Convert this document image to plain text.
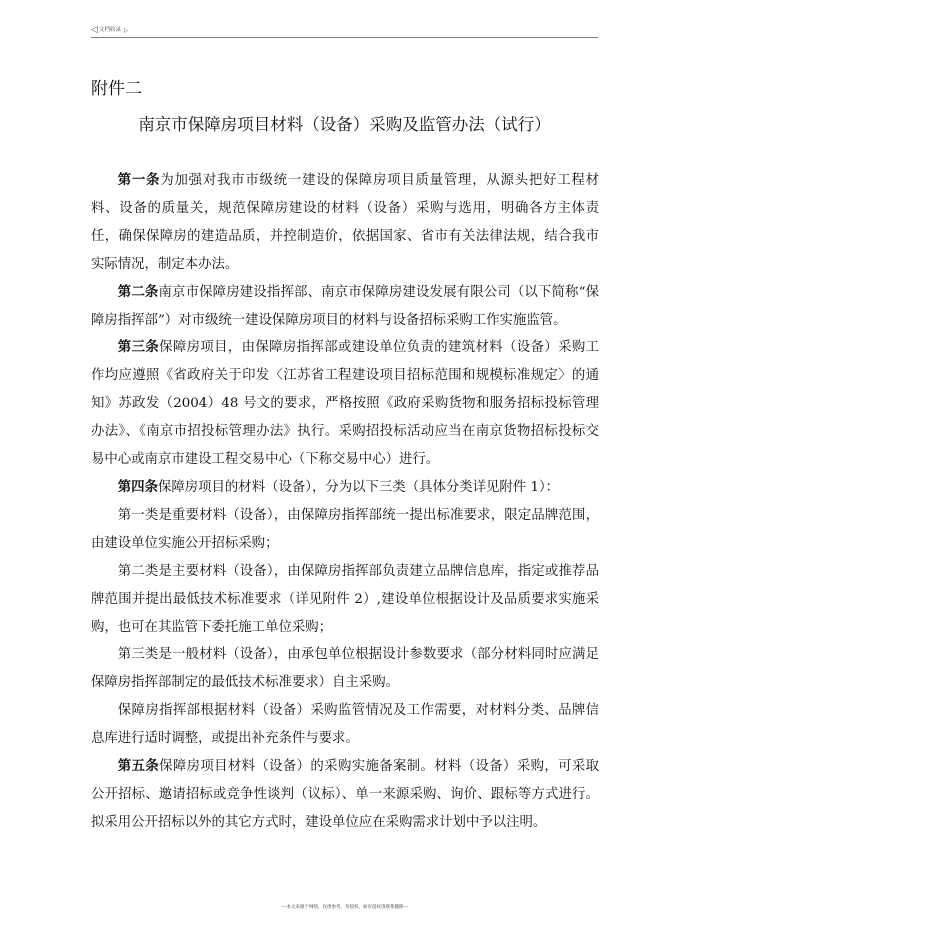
◁ 文档收录 ▷
附件二
南京市保障房项目材料（设备）采购及监管办法（试行）

第一条为加强对我市市级统一建设的保障房项目质量管理，从源头把好工程材料、设备的质量关，规范保障房建设的材料（设备）采购与选用，明确各方主体责任，确保保障房的建造品质，并控制造价，依据国家、省市有关法律法规，结合我市实际情况，制定本办法。

第二条南京市保障房建设指挥部、南京市保障房建设发展有限公司（以下简称“保障房指挥部”）对市级统一建设保障房项目的材料与设备招标采购工作实施监管。

第三条保障房项目，由保障房指挥部或建设单位负责的建筑材料（设备）采购工作均应遵照《省政府关于印发〈江苏省工程建设项目招标范围和规模标准规定〉的通知》苏政发（2004）48 号文的要求，严格按照《政府采购货物和服务招标投标管理办法》、《南京市招投标管理办法》执行。采购招投标活动应当在南京货物招标投标交易中心或南京市建设工程交易中心（下称交易中心）进行。

第四条保障房项目的材料（设备），分为以下三类（具体分类详见附件 1）：

第一类是重要材料（设备），由保障房指挥部统一提出标准要求，限定品牌范围，由建设单位实施公开招标采购；

第二类是主要材料（设备），由保障房指挥部负责建立品牌信息库，指定或推荐品牌范围并提出最低技术标准要求（详见附件 2）,建设单位根据设计及品质要求实施采购，也可在其监管下委托施工单位采购；

第三类是一般材料（设备），由承包单位根据设计参数要求（部分材料同时应满足保障房指挥部制定的最低技术标准要求）自主采购。

保障房指挥部根据材料（设备）采购监管情况及工作需要，对材料分类、品牌信息库进行适时调整，或提出补充条件与要求。

第五条保障房项目材料（设备）的采购实施备案制。材料（设备）采购，可采取公开招标、邀请招标或竞争性谈判（议标）、单一来源采购、询价、跟标等方式进行。拟采用公开招标以外的其它方式时，建设单位应在采购需求计划中予以注明。

---本文来源于网络，仅供参考，勿侵权，如有侵权请联系删除---
